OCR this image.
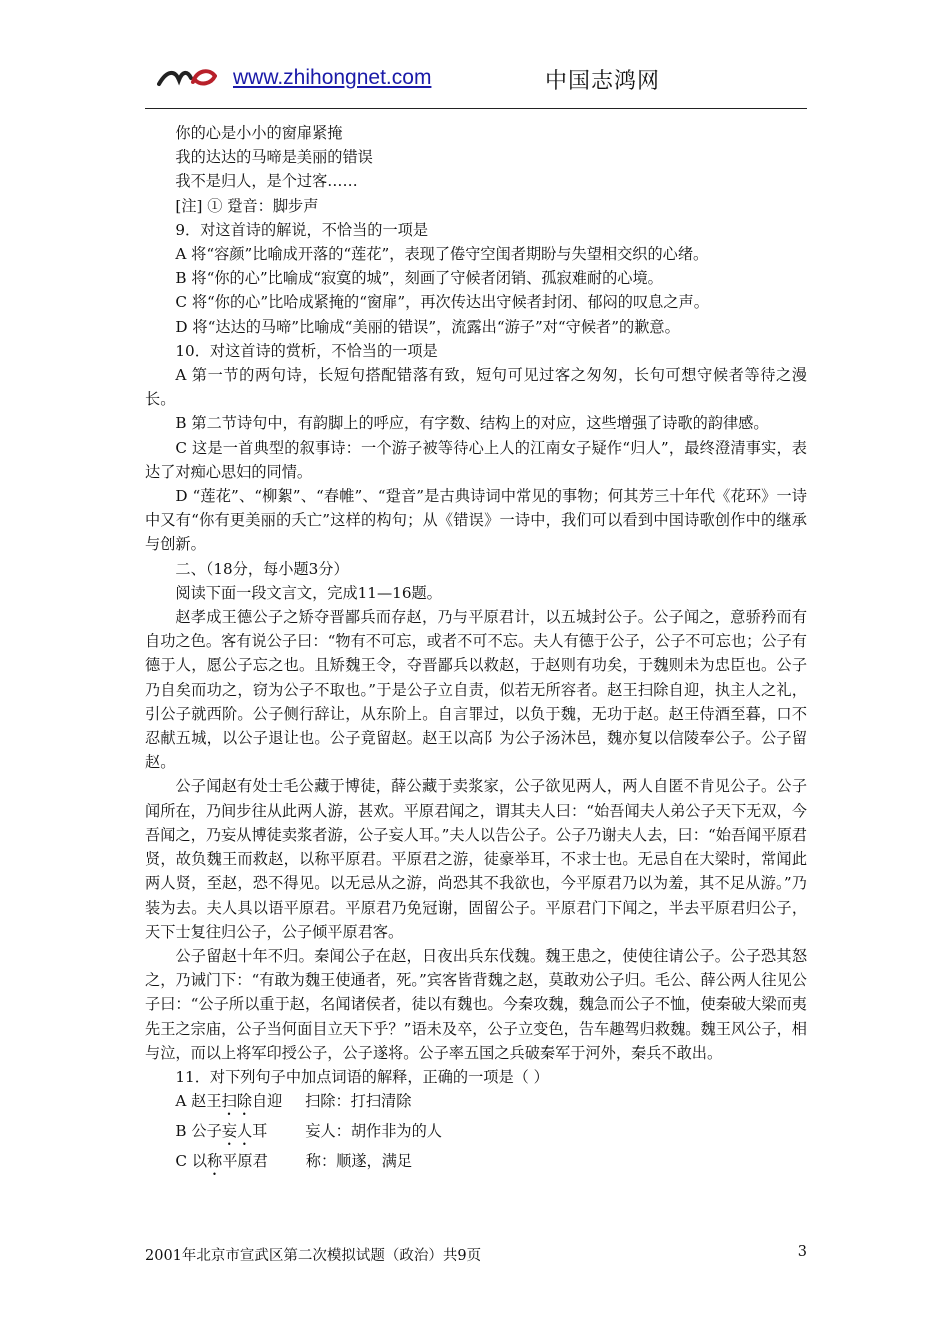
www.zhihongnet.com	中国志鸿网

你的心是小小的窗扉紧掩

我的达达的马啼是美丽的错误

我不是归人，是个过客……

[注] ① 跫音：脚步声

9．对这首诗的解说，不恰当的一项是

A 将“容颜”比喻成开落的“莲花”，表现了倦守空闺者期盼与失望相交织的心绪。

B 将“你的心”比喻成“寂寞的城”，刻画了守候者闭销、孤寂难耐的心境。

C 将“你的心”比哈成紧掩的“窗扉”，再次传达出守候者封闭、郁闷的叹息之声。

D 将“达达的马啼”比喻成“美丽的错误”，流露出“游子”对“守候者”的歉意。

10．对这首诗的赏析，不恰当的一项是

A 第一节的两句诗，长短句搭配错落有致，短句可见过客之匆匆，长句可想守候者等待之漫长。

B 第二节诗句中，有韵脚上的呼应，有字数、结构上的对应，这些增强了诗歌的韵律感。

C 这是一首典型的叙事诗：一个游子被等待心上人的江南女子疑作“归人”，最终澄清事实，表达了对痴心思妇的同情。

D “莲花”、“柳絮”、“春帷”、“跫音”是古典诗词中常见的事物；何其芳三十年代《花环》一诗中又有“你有更美丽的夭亡”这样的构句；从《错误》一诗中，我们可以看到中国诗歌创作中的继承与创新。

二、（18分，每小题3分）

阅读下面一段文言文，完成11—16题。

赵孝成王德公子之矫夺晋鄙兵而存赵，乃与平原君计，以五城封公子。公子闻之，意骄矜而有自功之色。客有说公子曰：“物有不可忘，或者不可不忘。夫人有德于公子，公子不可忘也；公子有德于人，愿公子忘之也。且矫魏王令，夺晋鄙兵以救赵，于赵则有功矣，于魏则未为忠臣也。公子乃自矣而功之，窃为公子不取也。”于是公子立自责，似若无所容者。赵王扫除自迎，执主人之礼，引公子就西阶。公子侧行辞让，从东阶上。自言罪过，以负于魏，无功于赵。赵王侍酒至暮，口不忍献五城，以公子退让也。公子竟留赵。赵王以高阝为公子汤沐邑，魏亦复以信陵奉公子。公子留赵。

公子闻赵有处士毛公藏于博徒，薛公藏于卖浆家，公子欲见两人，两人自匿不肯见公子。公子闻所在，乃间步往从此两人游，甚欢。平原君闻之，谓其夫人曰：“始吾闻夫人弟公子天下无双，今吾闻之，乃妄从博徒卖浆者游，公子妄人耳。”夫人以告公子。公子乃谢夫人去，曰：“始吾闻平原君贤，故负魏王而救赵，以称平原君。平原君之游，徒豪举耳，不求士也。无忌自在大梁时，常闻此两人贤，至赵，恐不得见。以无忌从之游，尚恐其不我欲也，今平原君乃以为羞，其不足从游。”乃装为去。夫人具以语平原君。平原君乃免冠谢，固留公子。平原君门下闻之，半去平原君归公子，天下士复往归公子，公子倾平原君客。

公子留赵十年不归。秦闻公子在赵，日夜出兵东伐魏。魏王患之，使使往请公子。公子恐其怒之，乃诫门下：“有敢为魏王使通者，死。”宾客皆背魏之赵，莫敢劝公子归。毛公、薛公两人往见公子曰：“公子所以重于赵，名闻诸侯者，徒以有魏也。今秦攻魏，魏急而公子不恤，使秦破大梁而夷先王之宗庙，公子当何面目立天下乎？”语未及卒，公子立变色，告车趣驾归救魏。魏王风公子，相与泣，而以上将军印授公子，公子遂将。公子率五国之兵破秦军于河外，秦兵不敢出。

11．对下列句子中加点词语的解释，正确的一项是（ ）

A 赵王扫除自迎   扫除：打扫清除

B 公子妄人耳    妄人：胡作非为的人

C 以称平原君    称：顺遂，满足

2001年北京市宣武区第二次模拟试题（政治）共9页	3
